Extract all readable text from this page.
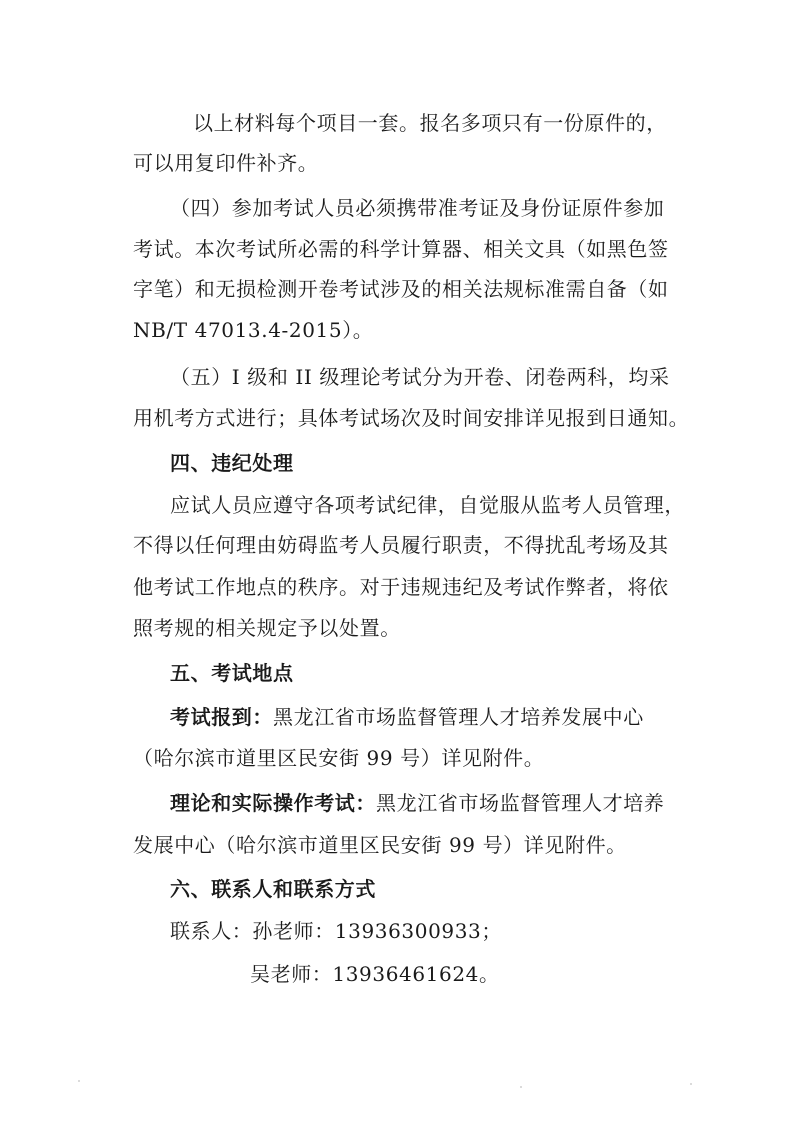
以上材料每个项目一套。报名多项只有一份原件的，
可以用复印件补齐。
（四）参加考试人员必须携带准考证及身份证原件参加
考试。本次考试所必需的科学计算器、相关文具（如黑色签
字笔）和无损检测开卷考试涉及的相关法规标准需自备（如
NB/T 47013.4-2015）。
（五）I 级和 II 级理论考试分为开卷、闭卷两科，均采
用机考方式进行；具体考试场次及时间安排详见报到日通知。
四、违纪处理
应试人员应遵守各项考试纪律，自觉服从监考人员管理，
不得以任何理由妨碍监考人员履行职责，不得扰乱考场及其
他考试工作地点的秩序。对于违规违纪及考试作弊者，将依
照考规的相关规定予以处置。
五、考试地点
考试报到：黑龙江省市场监督管理人才培养发展中心
（哈尔滨市道里区民安街 99 号）详见附件。
理论和实际操作考试：黑龙江省市场监督管理人才培养
发展中心（哈尔滨市道里区民安街 99 号）详见附件。
六、联系人和联系方式
联系人：孙老师：13936300933；
吴老师：13936461624。
